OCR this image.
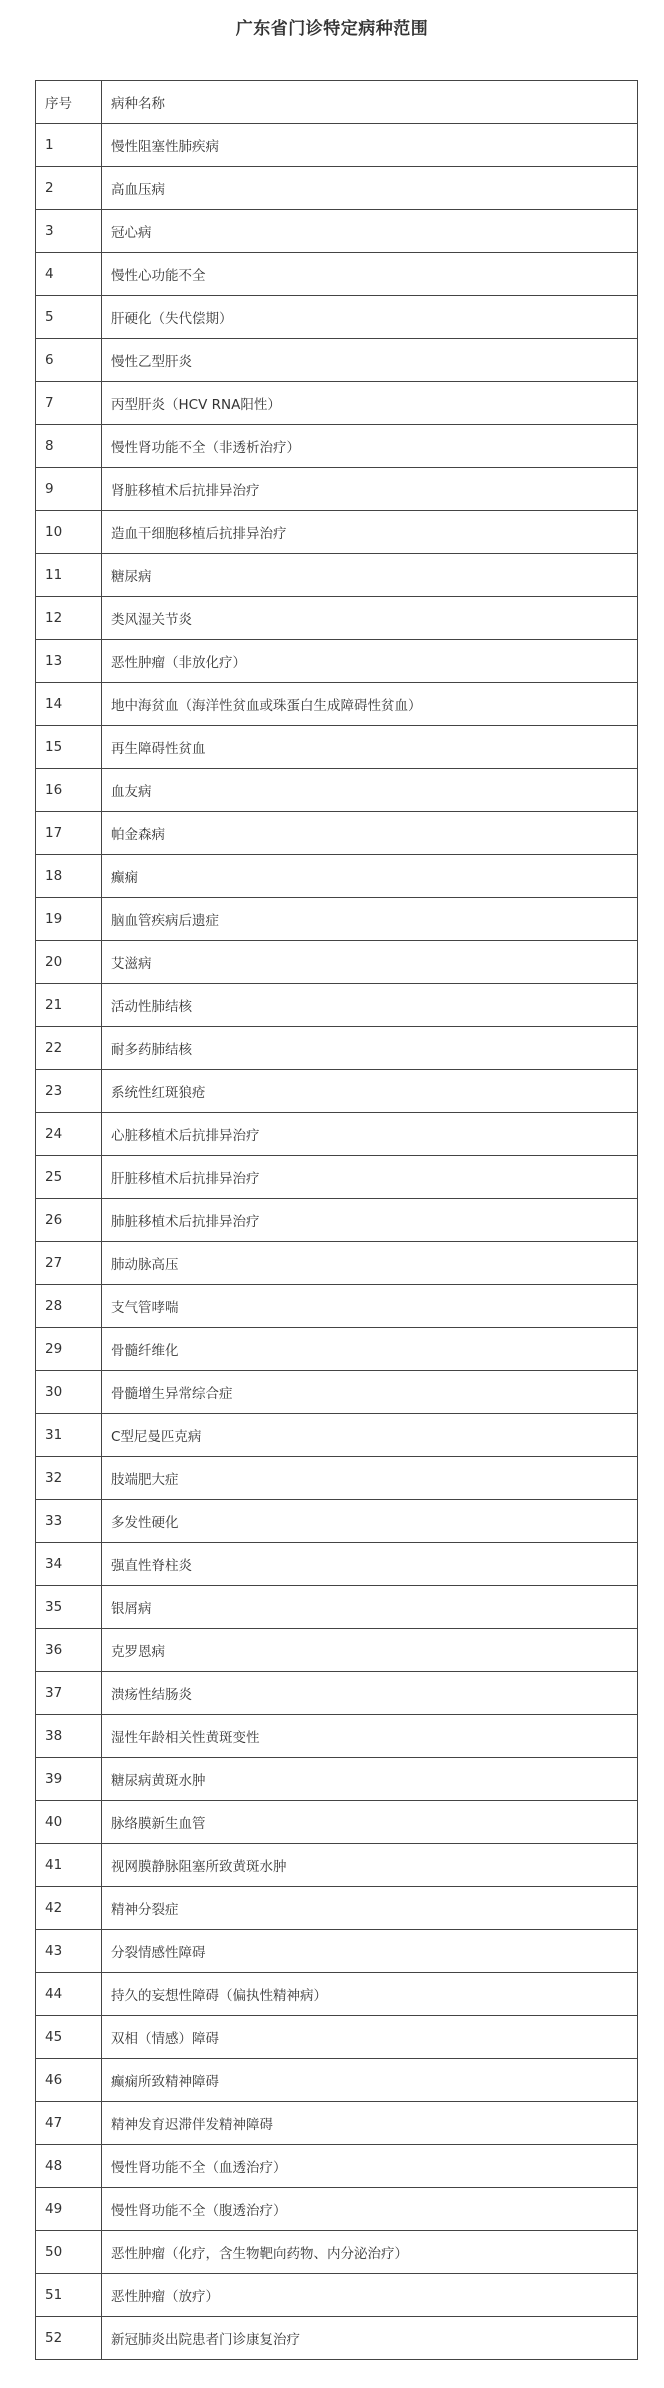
广东省门诊特定病种范围
序号	病种名称
1	慢性阻塞性肺疾病
2	高血压病
3	冠心病
4	慢性心功能不全
5	肝硬化（失代偿期）
6	慢性乙型肝炎
7	丙型肝炎（HCV RNA阳性）
8	慢性肾功能不全（非透析治疗）
9	肾脏移植术后抗排异治疗
10	造血干细胞移植后抗排异治疗
11	糖尿病
12	类风湿关节炎
13	恶性肿瘤（非放化疗）
14	地中海贫血（海洋性贫血或珠蛋白生成障碍性贫血）
15	再生障碍性贫血
16	血友病
17	帕金森病
18	癫痫
19	脑血管疾病后遗症
20	艾滋病
21	活动性肺结核
22	耐多药肺结核
23	系统性红斑狼疮
24	心脏移植术后抗排异治疗
25	肝脏移植术后抗排异治疗
26	肺脏移植术后抗排异治疗
27	肺动脉高压
28	支气管哮喘
29	骨髓纤维化
30	骨髓增生异常综合症
31	C型尼曼匹克病
32	肢端肥大症
33	多发性硬化
34	强直性脊柱炎
35	银屑病
36	克罗恩病
37	溃疡性结肠炎
38	湿性年龄相关性黄斑变性
39	糖尿病黄斑水肿
40	脉络膜新生血管
41	视网膜静脉阻塞所致黄斑水肿
42	精神分裂症
43	分裂情感性障碍
44	持久的妄想性障碍（偏执性精神病）
45	双相（情感）障碍
46	癫痫所致精神障碍
47	精神发育迟滞伴发精神障碍
48	慢性肾功能不全（血透治疗）
49	慢性肾功能不全（腹透治疗）
50	恶性肿瘤（化疗，含生物靶向药物、内分泌治疗）
51	恶性肿瘤（放疗）
52	新冠肺炎出院患者门诊康复治疗
